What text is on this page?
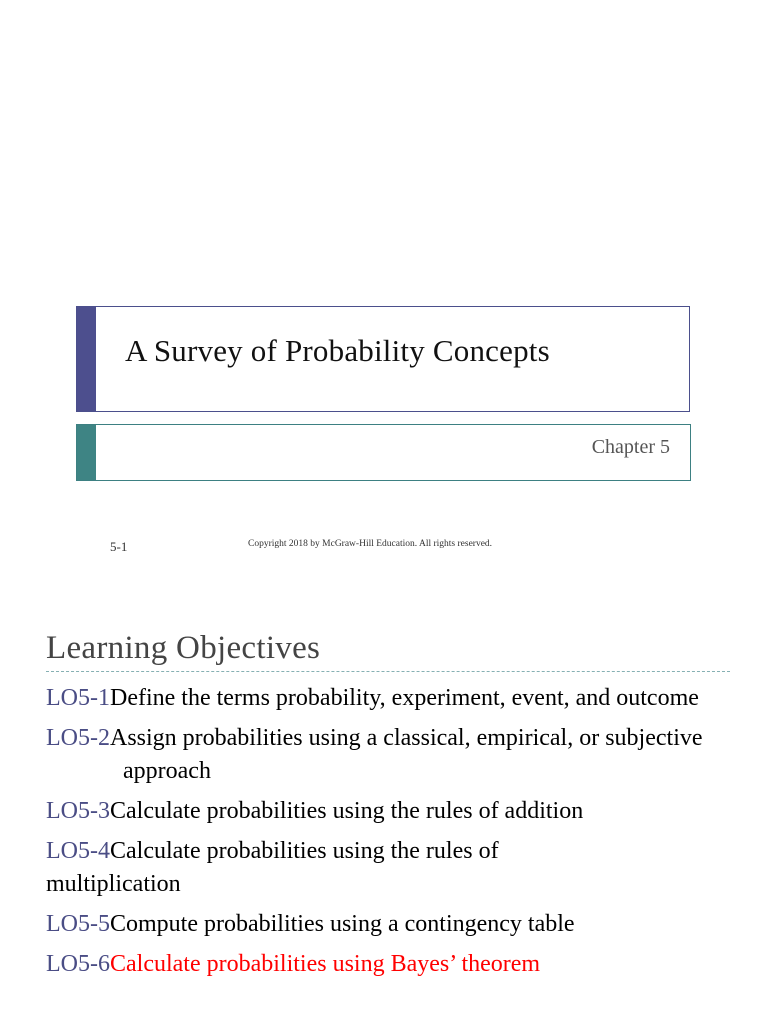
A Survey of Probability Concepts
Chapter 5
5-1	Copyright 2018 by McGraw-Hill Education. All rights reserved.
Learning Objectives

LO5-1Define the terms probability, experiment, event, and outcome

LO5-2Assign probabilities using a classical, empirical, or subjective approach

LO5-3Calculate probabilities using the rules of addition

LO5-4Calculate probabilities using the rules of multiplication

LO5-5Compute probabilities using a contingency table

LO5-6Calculate probabilities using Bayes’ theorem
